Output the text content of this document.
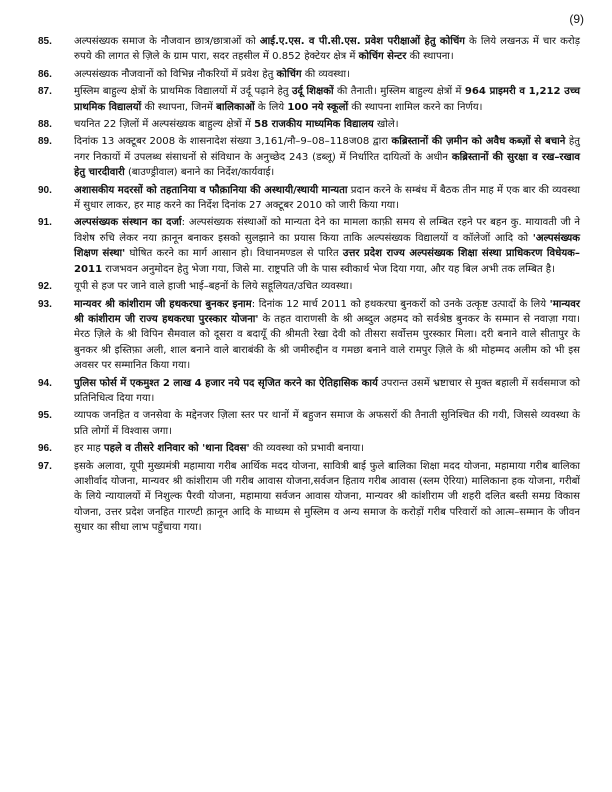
(9)
85.	अल्पसंख्यक समाज के नौजवान छात्र/छात्राओं को आई.ए.एस. व पी.सी.एस. प्रवेश परीक्षाओं हेतु कोचिंग के लिये लखनऊ में चार करोड़ रुपये की लागत से ज़िले के ग्राम पारा, सदर तहसील में 0.852 हेक्टेयर क्षेत्र में कोचिंग सेन्टर की स्थापना।
86.	अल्पसंख्यक नौजवानों को विभिन्न नौकरियों में प्रवेश हेतु कोचिंग की व्यवस्था।
87.	मुस्लिम बाहुल्य क्षेत्रों के प्राथमिक विद्यालयों में उर्दू पढ़ाने हेतु उर्दू शिक्षकों की तैनाती। मुस्लिम बाहुल्य क्षेत्रों में 964 प्राइमरी व 1,212 उच्च प्राथमिक विद्यालयों की स्थापना, जिनमें बालिकाओं के लिये 100 नये स्कूलों की स्थापना शामिल करने का निर्णय।
88.	चयनित 22 ज़िलों में अल्पसंख्यक बाहुल्य क्षेत्रों में 58 राजकीय माध्यमिक विद्यालय खोले।
89.	दिनांक 13 अक्टूबर 2008 के शासनादेश संख्या 3,161/नौ–9–08–118ज08 द्वारा कब्रिस्तानों की ज़मीन को अवैध कब्ज़ों से बचाने हेतु नगर निकायों में उपलब्ध संसाधनों से संविधान के अनुच्छेद 243 (डब्लू) में निर्धारित दायित्वों के अधीन कब्रिस्तानों की सुरक्षा व रख–रखाव हेतु चारदीवारी (बाउण्ड्रीवाल) बनाने का निर्देश/कार्यवाई।
90.	अशासकीय मदरसों को तहतानिया व फौक़ानिया की अस्थायी/स्थायी मान्यता प्रदान करने के सम्बंध में बैठक तीन माह में एक बार की व्यवस्था में सुधार लाकर, हर माह करने का निर्देश दिनांक 27 अक्टूबर 2010 को जारी किया गया।
91.	अल्पसंख्यक संस्थान का दर्जा: अल्पसंख्यक संस्थाओं को मान्यता देने का मामला काफ़ी समय से लम्बित रहने पर बहन कु. मायावती जी ने विशेष रुचि लेकर नया क़ानून बनाकर इसको सुलझाने का प्रयास किया ताकि अल्पसंख्यक विद्यालयों व कॉलेजों आदि को 'अल्पसंख्यक शिक्षण संस्था' घोषित करने का मार्ग आसान हो। विधानमण्डल से पारित उत्तर प्रदेश राज्य अल्पसंख्यक शिक्षा संस्था प्राधिकरण विधेयक–2011 राजभवन अनुमोदन हेतु भेजा गया, जिसे मा. राष्ट्रपति जी के पास स्वीकार्थ भेज दिया गया, और यह बिल अभी तक लम्बित है।
92.	यूपी से हज पर जाने वाले हाजी भाई–बहनों के लिये सहूलियत/उचित व्यवस्था।
93.	मान्यवर श्री कांशीराम जी हथकरघा बुनकर इनाम: दिनांक 12 मार्च 2011 को हथकरघा बुनकरों को उनके उत्कृष्ट उत्पादों के लिये 'मान्यवर श्री कांशीराम जी राज्य हथकरघा पुरस्कार योजना' के तहत वाराणसी के श्री अब्दुल अहमद को सर्वश्रेष्ठ बुनकर के सम्मान से नवाज़ा गया। मेरठ ज़िले के श्री विपिन सैमवाल को दूसरा व बदायूँ की श्रीमती रेखा देवी को तीसरा सर्वोत्तम पुरस्कार मिला। दरी बनाने वाले सीतापुर के बुनकर श्री इस्तिफ़ा अली, शाल बनाने वाले बाराबंकी के श्री जमीरुद्दीन व गमछा बनाने वाले रामपुर ज़िले के श्री मोहम्मद अलीम को भी इस अवसर पर सम्मानित किया गया।
94.	पुलिस फोर्स में एकमुश्त 2 लाख 4 हजार नये पद सृजित करने का ऐतिहासिक कार्य उपरान्त उसमें भ्रष्टाचार से मुक्त बहाली में सर्वसमाज को प्रतिनिधित्व दिया गया।
95.	व्यापक जनहित व जनसेवा के मद्देनजर ज़िला स्तर पर थानों में बहुजन समाज के अफसरों की तैनाती सुनिश्चित की गयी, जिससे व्यवस्था के प्रति लोगों में विश्वास जगा।
96.	हर माह पहले व तीसरे शनिवार को 'थाना दिवस' की व्यवस्था को प्रभावी बनाया।
97.	इसके अलावा, यूपी मुख्यमंत्री महामाया गरीब आर्थिक मदद योजना, सावित्री बाई फुले बालिका शिक्षा मदद योजना, महामाया गरीब बालिका आशीर्वाद योजना, मान्यवर श्री कांशीराम जी गरीब आवास योजना,सर्वजन हिताय गरीब आवास (स्लम ऐरिया) मालिकाना हक योजना, गरीबों के लिये न्यायालयों में निशुल्क पैरवी योजना, महामाया सर्वजन आवास योजना, मान्यवर श्री कांशीराम जी शहरी दलित बस्ती समग्र विकास योजना, उत्तर प्रदेश जनहित गारण्टी क़ानून आदि के माध्यम से मुस्लिम व अन्य समाज के करोड़ों गरीब परिवारों को आत्म–सम्मान के जीवन सुधार का सीधा लाभ पहुँचाया गया।
